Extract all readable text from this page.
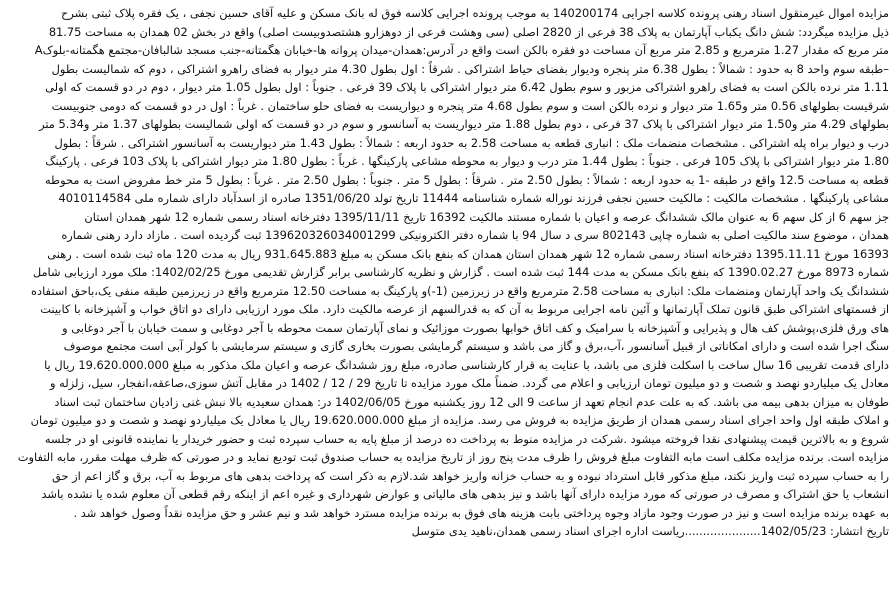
مزایده اموال غیرمنقول اسناد رهنی پرونده کلاسه اجرایی 140200174 به موجب پرونده اجرایی کلاسه فوق له بانک مسکن و علیه آقای حسین نجفی ، یک فقره پلاک ثبتی بشرح
ذیل مزایده میگردد: شش دانگ یکباب آپارتمان به پلاک 38 فرعی از 2820 اصلی (سی وهشت فرعی از دوهزارو هشتصدوبیست اصلی) واقع در بخش 02 همدان به مساحت 81.75
متر مربع که مقدار 1.27 مترمربع و 2.85 متر مربع آن مساحت دو فقره بالکن است واقع در آدرس:همدان-میدان پروانه ها-خیابان هگمتانه-جنب مسجد شالبافان-مجتمع هگمتانه-بلوکA
–طبقه سوم واحد 8 به حدود : شمالاً : بطول 6.38 متر پنجره ودیوار بفضای حیاط اشتراکی . شرقاً : اول بطول 4.30 متر دیوار به فضای راهرو اشتراکی ، دوم که شمالیست بطول
1.11 متر نرده بالکن است به فضای راهرو اشتراکی مزبور و سوم بطول 6.42 متر دیوار اشتراکی با پلاک 39 فرعی . جنوباً : اول بطول 1.05 متر دیوار ، دوم در دو قسمت که اولی
شرقیست بطولهای 0.56 متر و1.65 متر دیوار و نرده بالکن است و سوم بطول 4.68 متر پنجره و دیواریست به فضای حلو ساختمان . غرباً : اول در دو قسمت که دومی جنوبیست
بطولهای 4.29 متر و1.50 متر دیوار اشتراکی با پلاک 37 فرعی ، دوم بطول 1.88 متر دیواریست به آسانسور و سوم در دو قسمت که اولی شمالیست بطولهای 1.37 متر و5.34 متر
درب و دیوار براه پله اشتراکی . مشخصات منضمات ملک : انباری قطعه به مساحت 2.58 به حدود اربعه : شمالاً : بطول 1.43 متر دیواریست به آسانسور اشتراکی . شرقاً : بطول
1.80 متر دیوار اشتراکی با پلاک 105 فرعی . جنوباً : بطول 1.44 متر درب و دیوار به محوطه مشاعی پارکینگها . غرباً : بطول 1.80 متر دیوار اشتراکی با پلاک 103 فرعی . پارکینگ
قطعه به مساحت 12.5 واقع در طبقه -1 به حدود اربعه : شمالاً : بطول 2.50 متر . شرقاً : بطول 5 متر . جنوباً : بطول 2.50 متر . غرباً : بطول 5 متر خط مفروض است به محوطه
مشاعی پارکینگها . مشخصات مالکیت : مالکیت حسین نجفی فرزند نوراله شماره شناسنامه 11444 تاریخ تولد 1351/06/20 صادره از اسدآباد دارای شماره ملی 4010114584
جز سهم 6 از کل سهم 6 به عنوان مالک ششدانگ عرصه و اعیان با شماره مستند مالکیت 16392 تاریخ 1395/11/11 دفترخانه اسناد رسمی شماره 12 شهر همدان استان
همدان ، موضوع سند مالکیت اصلی به شماره چاپی 802143 سری د سال 94 با شماره دفتر الکترونیکی 139620326034001299 ثبت گردیده است . مازاد دارد رهنی شماره
16393 مورخ 1395.11.11 دفترخانه اسناد رسمی شماره 12 شهر همدان استان همدان که بنفع بانک مسکن به مبلغ 931.645.883 ریال به مدت 120 ماه ثبت شده است . رهنی
شماره 8973 مورخ 1390.02.27 که بنفع بانک مسکن به مدت 144 ثبت شده است . گزارش و نظریه کارشناسی برابر گزارش تقدیمی مورخ 1402/02/25: ملک مورد ارزیابی شامل
ششدانگ یک واحد آپارتمان ومنضمات ملک: انباری به مساحت 2.58 مترمربع واقع در زیرزمین (1-)و پارکینگ به مساحت 12.50 مترمربع واقع در زیرزمین طبقه منفی یک،باحق استفاده
از قسمتهای اشتراکی طبق قانون تملک آپارتمانها و آئین نامه اجرایی مربوط به آن که به قدرالسهم از عرصه مالکیت دارد. ملک مورد ارزیابی دارای دو اتاق خواب و آشپزخانه با کابینت
های ورق فلزی،پوشش کف هال و پذیرایی و آشپزخانه با سرامیک و کف اتاق خوابها بصورت موزائیک و نمای آپارتمان سمت محوطه با آجر دوغابی و سمت خیابان با آجر دوغابی و
سنگ اجرا شده است و دارای امکاناتی از قبیل آسانسور ،آب،برق و گاز می باشد و سیستم گرمایشی بصورت بخاری گازی و سیستم سرمایشی با کولر آبی است مجتمع موصوف
دارای قدمت تقریبی 16 سال ساخت با اسکلت فلزی می باشد، با عنایت به قرار کارشناسی صادره، مبلغ روز ششدانگ عرصه و اعیان ملک مذکور به مبلغ 19.620.000.000 ریال یا
معادل یک میلیاردو نهصد و شصت و دو میلیون تومان ارزیابی و اعلام می گردد. ضمناً ملک مورد مزایده تا تاریخ 29 / 12 / 1402 در مقابل آتش سوزی،صاعقه،انفجار، سیل، زلزله و
طوفان به میزان بدهی بیمه می باشد. که به علت عدم انجام تعهد از ساعت 9 الی 12 روز یکشنبه مورخ 1402/06/05 در: همدان سعیدیه بالا نبش غنی زادیان ساختمان ثبت اسناد
و املاک طبقه اول واحد اجرای اسناد رسمی همدان از طریق مزایده به فروش می رسد. مزایده از مبلغ 19.620.000.000 ریال یا معادل یک میلیاردو نهصد و شصت و دو میلیون تومان
شروع و به بالاترین قیمت پیشنهادی نقدا فروخته میشود .شرکت در مزایده منوط به پرداخت ده درصد از مبلغ پایه به حساب سپرده ثبت و حضور خریدار یا نماینده قانونی او در جلسه
مزایده است. برنده مزایده مکلف است مابه التفاوت مبلغ فروش را ظرف مدت پنج روز از تاریخ مزایده به حساب صندوق ثبت تودیع نماید و در صورتی که ظرف مهلت مقرر، مابه التفاوت
را به حساب سپرده ثبت واریز نکند، مبلغ مذکور قابل استرداد نبوده و به حساب خزانه واریز خواهد شد.لازم به ذکر است که پرداخت بدهی های مربوط به آب، برق و گاز اعم از حق
انشعاب یا حق اشتراک و مصرف در صورتی که مورد مزایده دارای آنها باشد و نیز بدهی های مالیاتی و عوارض شهرداری و غیره اعم از اینکه رقم قطعی آن معلوم شده یا نشده باشد
به عهده برنده مزایده است و نیز در صورت وجود مازاد وجوه پرداختی بابت هزینه های فوق به برنده مزایده مسترد خواهد شد و نیم عشر و حق مزایده نقداً وصول خواهد شد .
تاریخ انتشار: 1402/05/23.....................ریاست اداره اجرای اسناد رسمی همدان،ناهید یدی متوسل
